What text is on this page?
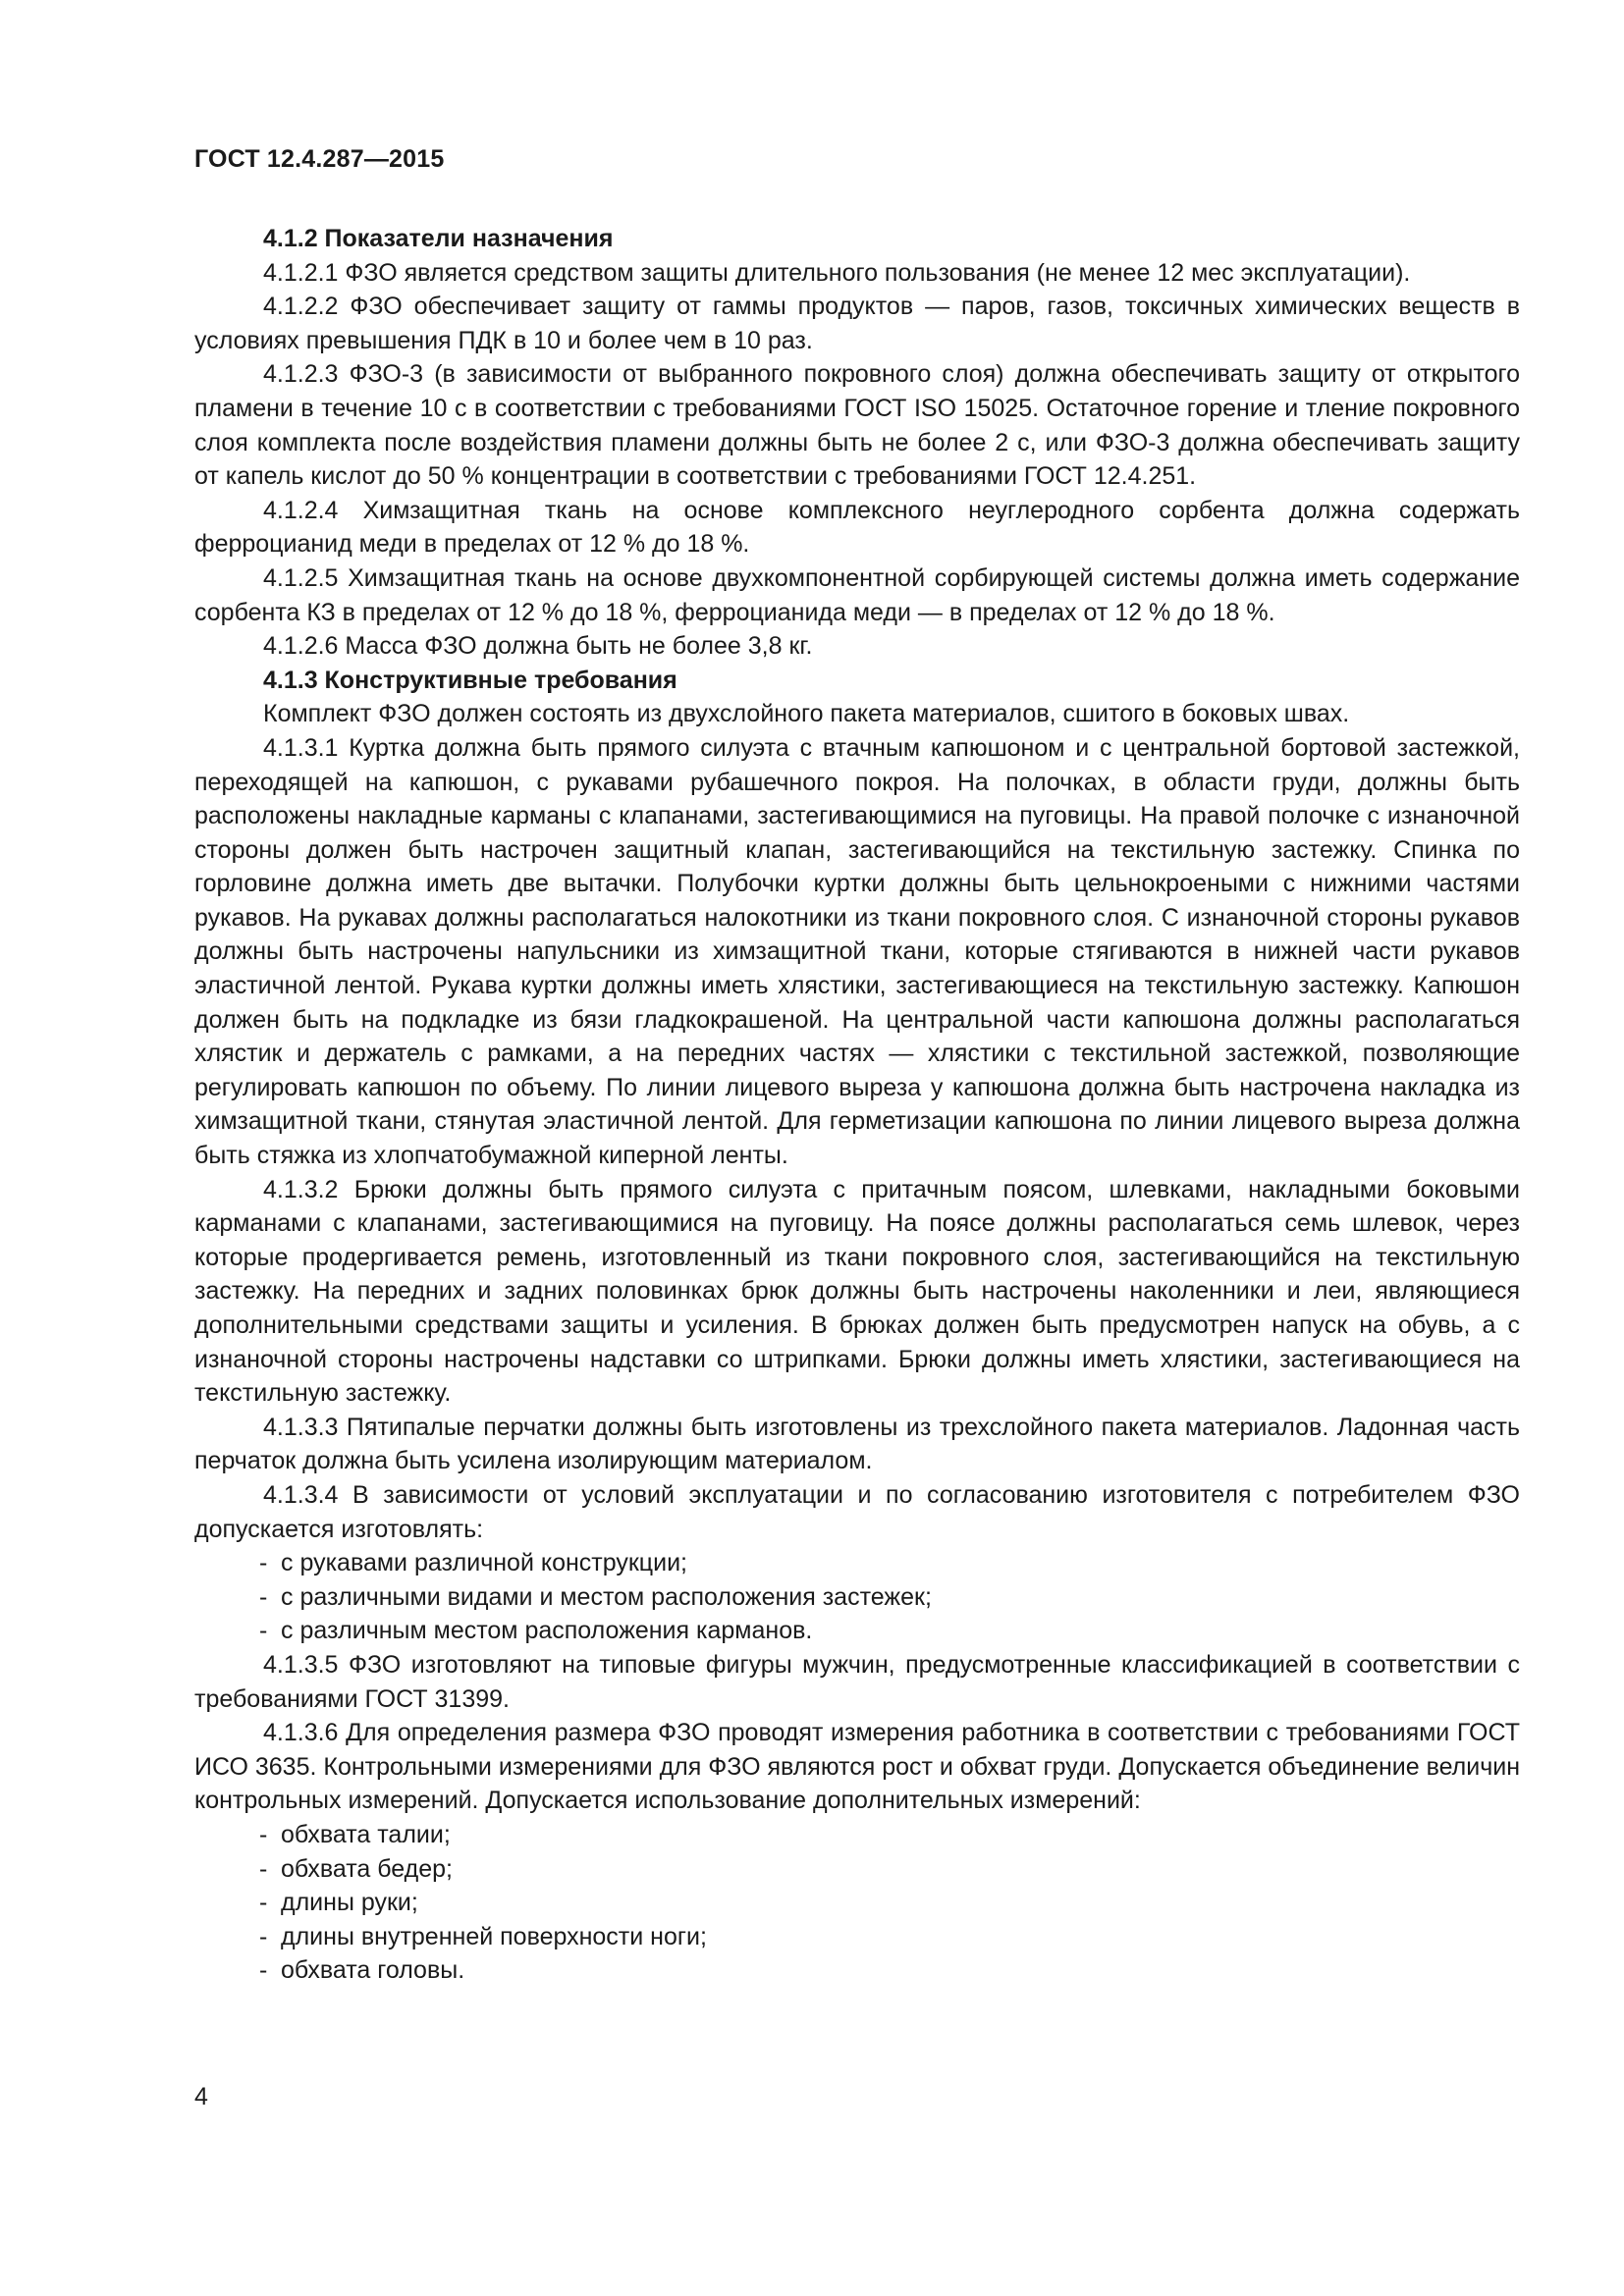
ГОСТ 12.4.287—2015

4.1.2 Показатели назначения

4.1.2.1 ФЗО является средством защиты длительного пользования (не менее 12 мес эксплуатации).

4.1.2.2 ФЗО обеспечивает защиту от гаммы продуктов — паров, газов, токсичных химических веществ в условиях превышения ПДК в 10 и более чем в 10 раз.

4.1.2.3 ФЗО-3 (в зависимости от выбранного покровного слоя) должна обеспечивать защиту от открытого пламени в течение 10 с в соответствии с требованиями ГОСТ ISO 15025. Остаточное горение и тление покровного слоя комплекта после воздействия пламени должны быть не более 2 с, или ФЗО-3 должна обеспечивать защиту от капель кислот до 50 % концентрации в соответствии с требованиями ГОСТ 12.4.251.

4.1.2.4 Химзащитная ткань на основе комплексного неуглеродного сорбента должна содержать ферроцианид меди в пределах от 12 % до 18 %.

4.1.2.5 Химзащитная ткань на основе двухкомпонентной сорбирующей системы должна иметь содержание сорбента КЗ в пределах от 12 % до 18 %, ферроцианида меди — в пределах от 12 % до 18 %.

4.1.2.6 Масса ФЗО должна быть не более 3,8 кг.

4.1.3 Конструктивные требования

Комплект ФЗО должен состоять из двухслойного пакета материалов, сшитого в боковых швах.

4.1.3.1 Куртка должна быть прямого силуэта с втачным капюшоном и с центральной бортовой застежкой, переходящей на капюшон, с рукавами рубашечного покроя. На полочках, в области груди, должны быть расположены накладные карманы с клапанами, застегивающимися на пуговицы. На правой полочке с изнаночной стороны должен быть настрочен защитный клапан, застегивающийся на текстильную застежку. Спинка по горловине должна иметь две вытачки. Полубочки куртки должны быть цельнокроеными с нижними частями рукавов. На рукавах должны располагаться налокотники из ткани покровного слоя. С изнаночной стороны рукавов должны быть настрочены напульсники из химзащитной ткани, которые стягиваются в нижней части рукавов эластичной лентой. Рукава куртки должны иметь хлястики, застегивающиеся на текстильную застежку. Капюшон должен быть на подкладке из бязи гладкокрашеной. На центральной части капюшона должны располагаться хлястик и держатель с рамками, а на передних частях — хлястики с текстильной застежкой, позволяющие регулировать капюшон по объему. По линии лицевого выреза у капюшона должна быть настрочена накладка из химзащитной ткани, стянутая эластичной лентой. Для герметизации капюшона по линии лицевого выреза должна быть стяжка из хлопчатобумажной киперной ленты.

4.1.3.2 Брюки должны быть прямого силуэта с притачным поясом, шлевками, накладными боковыми карманами с клапанами, застегивающимися на пуговицу. На поясе должны располагаться семь шлевок, через которые продергивается ремень, изготовленный из ткани покровного слоя, застегивающийся на текстильную застежку. На передних и задних половинках брюк должны быть настрочены наколенники и леи, являющиеся дополнительными средствами защиты и усиления. В брюках должен быть предусмотрен напуск на обувь, а с изнаночной стороны настрочены надставки со штрипками. Брюки должны иметь хлястики, застегивающиеся на текстильную застежку.

4.1.3.3 Пятипалые перчатки должны быть изготовлены из трехслойного пакета материалов. Ладонная часть перчаток должна быть усилена изолирующим материалом.

4.1.3.4 В зависимости от условий эксплуатации и по согласованию изготовителя с потребителем ФЗО допускается изготовлять:

- с рукавами различной конструкции;
- с различными видами и местом расположения застежек;
- с различным местом расположения карманов.

4.1.3.5 ФЗО изготовляют на типовые фигуры мужчин, предусмотренные классификацией в соответствии с требованиями ГОСТ 31399.

4.1.3.6 Для определения размера ФЗО проводят измерения работника в соответствии с требованиями ГОСТ ИСО 3635. Контрольными измерениями для ФЗО являются рост и обхват груди. Допускается объединение величин контрольных измерений. Допускается использование дополнительных измерений:

- обхвата талии;
- обхвата бедер;
- длины руки;
- длины внутренней поверхности ноги;
- обхвата головы.
4
